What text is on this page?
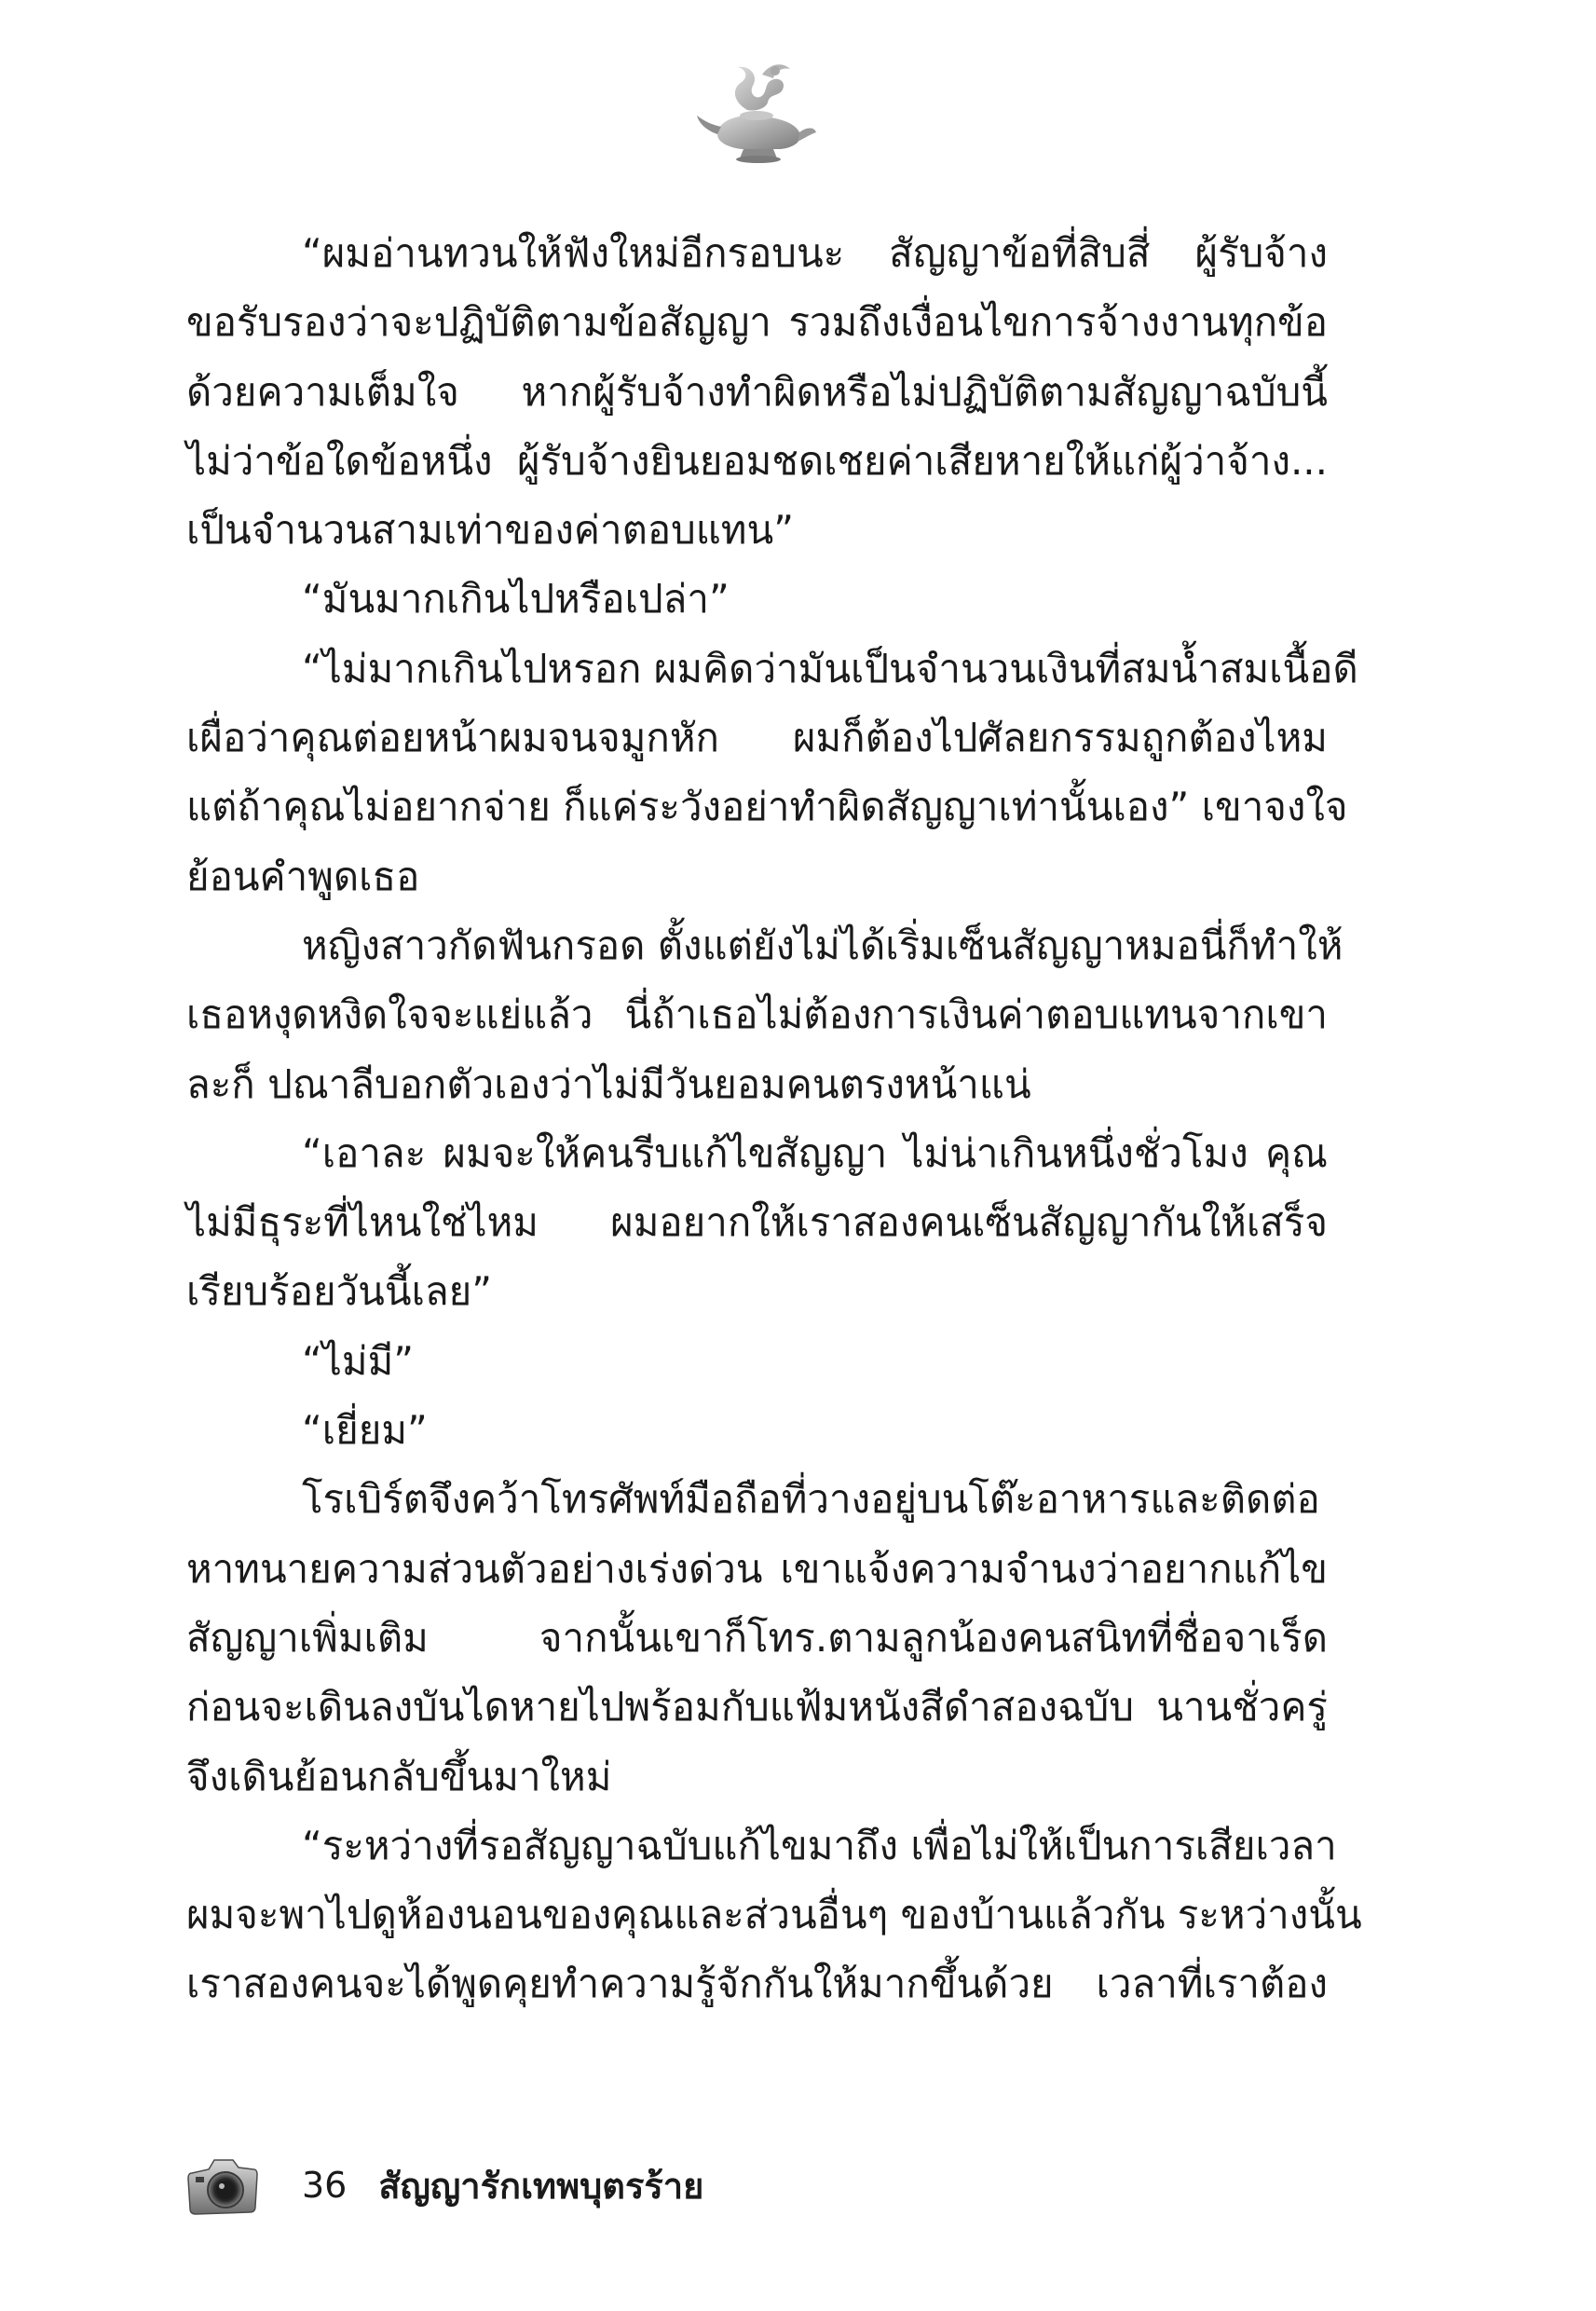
“ผมอ่านทวนให้ฟังใหม่อีกรอบนะ สัญญาข้อที่สิบสี่ ผู้รับจ้าง
ขอรับรองว่าจะปฏิบัติตามข้อสัญญา รวมถึงเงื่อนไขการจ้างงานทุกข้อ
ด้วยความเต็มใจ หากผู้รับจ้างทำผิดหรือไม่ปฏิบัติตามสัญญาฉบับนี้
ไม่ว่าข้อใดข้อหนึ่ง ผู้รับจ้างยินยอมชดเชยค่าเสียหายให้แก่ผู้ว่าจ้าง...
เป็นจำนวนสามเท่าของค่าตอบแทน”
“มันมากเกินไปหรือเปล่า”
“ไม่มากเกินไปหรอก ผมคิดว่ามันเป็นจำนวนเงินที่สมน้ำสมเนื้อดี
เผื่อว่าคุณต่อยหน้าผมจนจมูกหัก ผมก็ต้องไปศัลยกรรมถูกต้องไหม
แต่ถ้าคุณไม่อยากจ่าย ก็แค่ระวังอย่าทำผิดสัญญาเท่านั้นเอง” เขาจงใจ
ย้อนคำพูดเธอ
หญิงสาวกัดฟันกรอด ตั้งแต่ยังไม่ได้เริ่มเซ็นสัญญาหมอนี่ก็ทำให้
เธอหงุดหงิดใจจะแย่แล้ว นี่ถ้าเธอไม่ต้องการเงินค่าตอบแทนจากเขา
ละก็ ปณาลีบอกตัวเองว่าไม่มีวันยอมคนตรงหน้าแน่
“เอาละ ผมจะให้คนรีบแก้ไขสัญญา ไม่น่าเกินหนึ่งชั่วโมง คุณ
ไม่มีธุระที่ไหนใช่ไหม ผมอยากให้เราสองคนเซ็นสัญญากันให้เสร็จ
เรียบร้อยวันนี้เลย”
“ไม่มี”
“เยี่ยม”
โรเบิร์ตจึงคว้าโทรศัพท์มือถือที่วางอยู่บนโต๊ะอาหารและติดต่อ
หาทนายความส่วนตัวอย่างเร่งด่วน เขาแจ้งความจำนงว่าอยากแก้ไข
สัญญาเพิ่มเติม จากนั้นเขาก็โทร.ตามลูกน้องคนสนิทที่ชื่อจาเร็ด
ก่อนจะเดินลงบันไดหายไปพร้อมกับแฟ้มหนังสีดำสองฉบับ นานชั่วครู่
จึงเดินย้อนกลับขึ้นมาใหม่
“ระหว่างที่รอสัญญาฉบับแก้ไขมาถึง เพื่อไม่ให้เป็นการเสียเวลา
ผมจะพาไปดูห้องนอนของคุณและส่วนอื่นๆ ของบ้านแล้วกัน ระหว่างนั้น
เราสองคนจะได้พูดคุยทำความรู้จักกันให้มากขึ้นด้วย เวลาที่เราต้อง
36 สัญญารักเทพบุตรร้าย
